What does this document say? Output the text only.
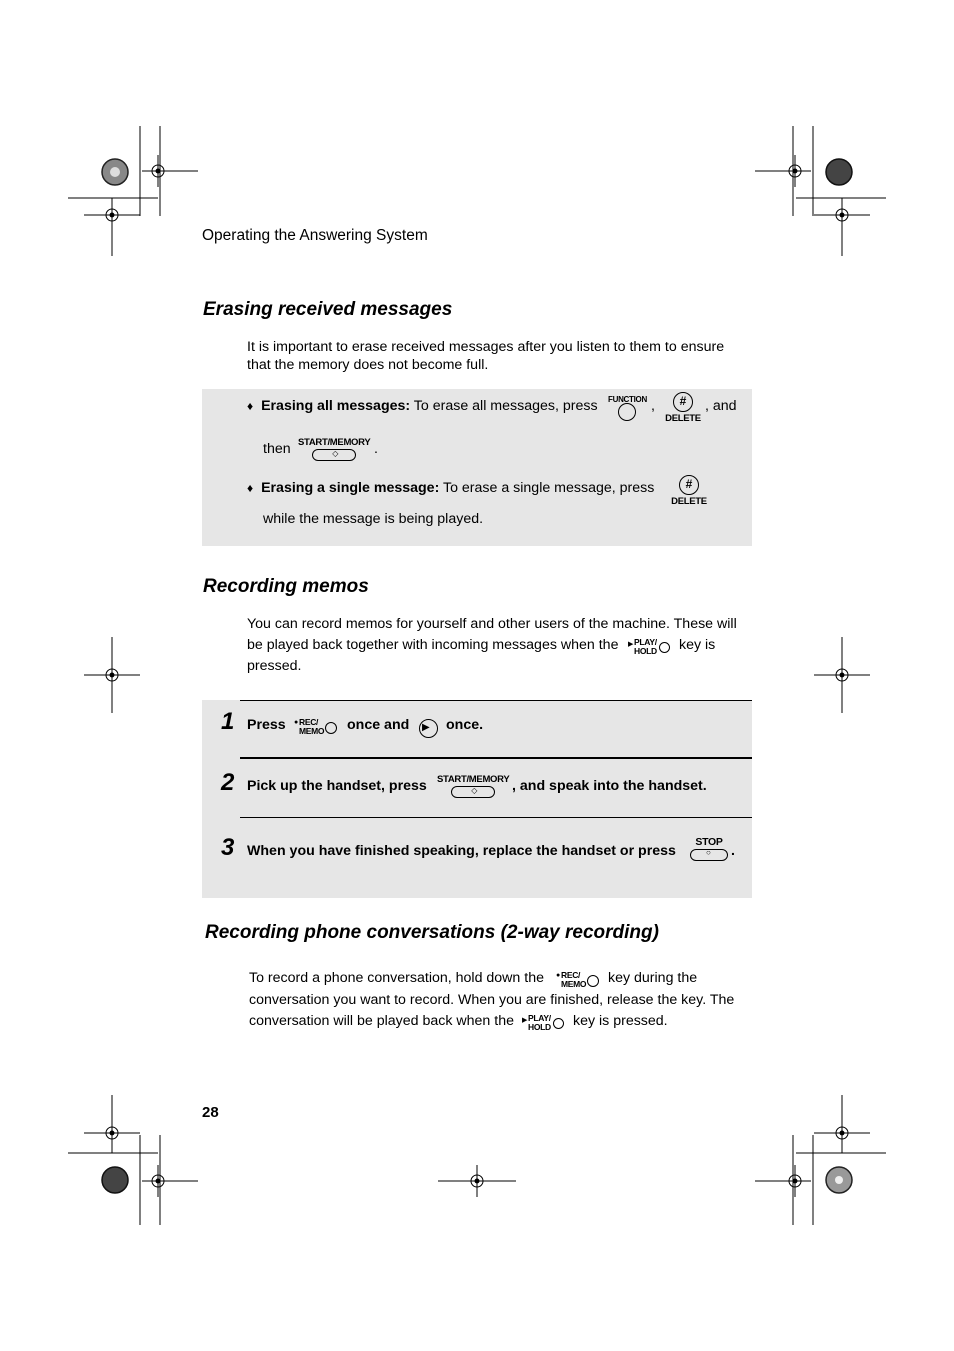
Operating the Answering System
Erasing received messages
It is important to erase received messages after you listen to them to ensure
that the memory does not become full.
♦ Erasing all messages: To erase all messages, press FUNCTION ,	#
DELETE
, and
then START/MEMORY
◇	.
♦ Erasing a single message: To erase a single message, press	#
DELETE
while the message is being played.
Recording memos
You can record memos for yourself and other users of the machine. These will
be played back together with incoming messages when the ▶ PLAY/
HOLD key is
pressed.
1 Press ● REC/
MEMO once and ▶ once.
2 Pick up the handset, press START/MEMORY
◇ , and speak into the handset.
3 When you have finished speaking, replace the handset or press
STOP
○ .
Recording phone conversations (2-way recording)
To record a phone conversation, hold down the ● REC/
MEMO key during the
conversation you want to record. When you are finished, release the key. The
conversation will be played back when the ▶ PLAY/
HOLD key is pressed.
28
